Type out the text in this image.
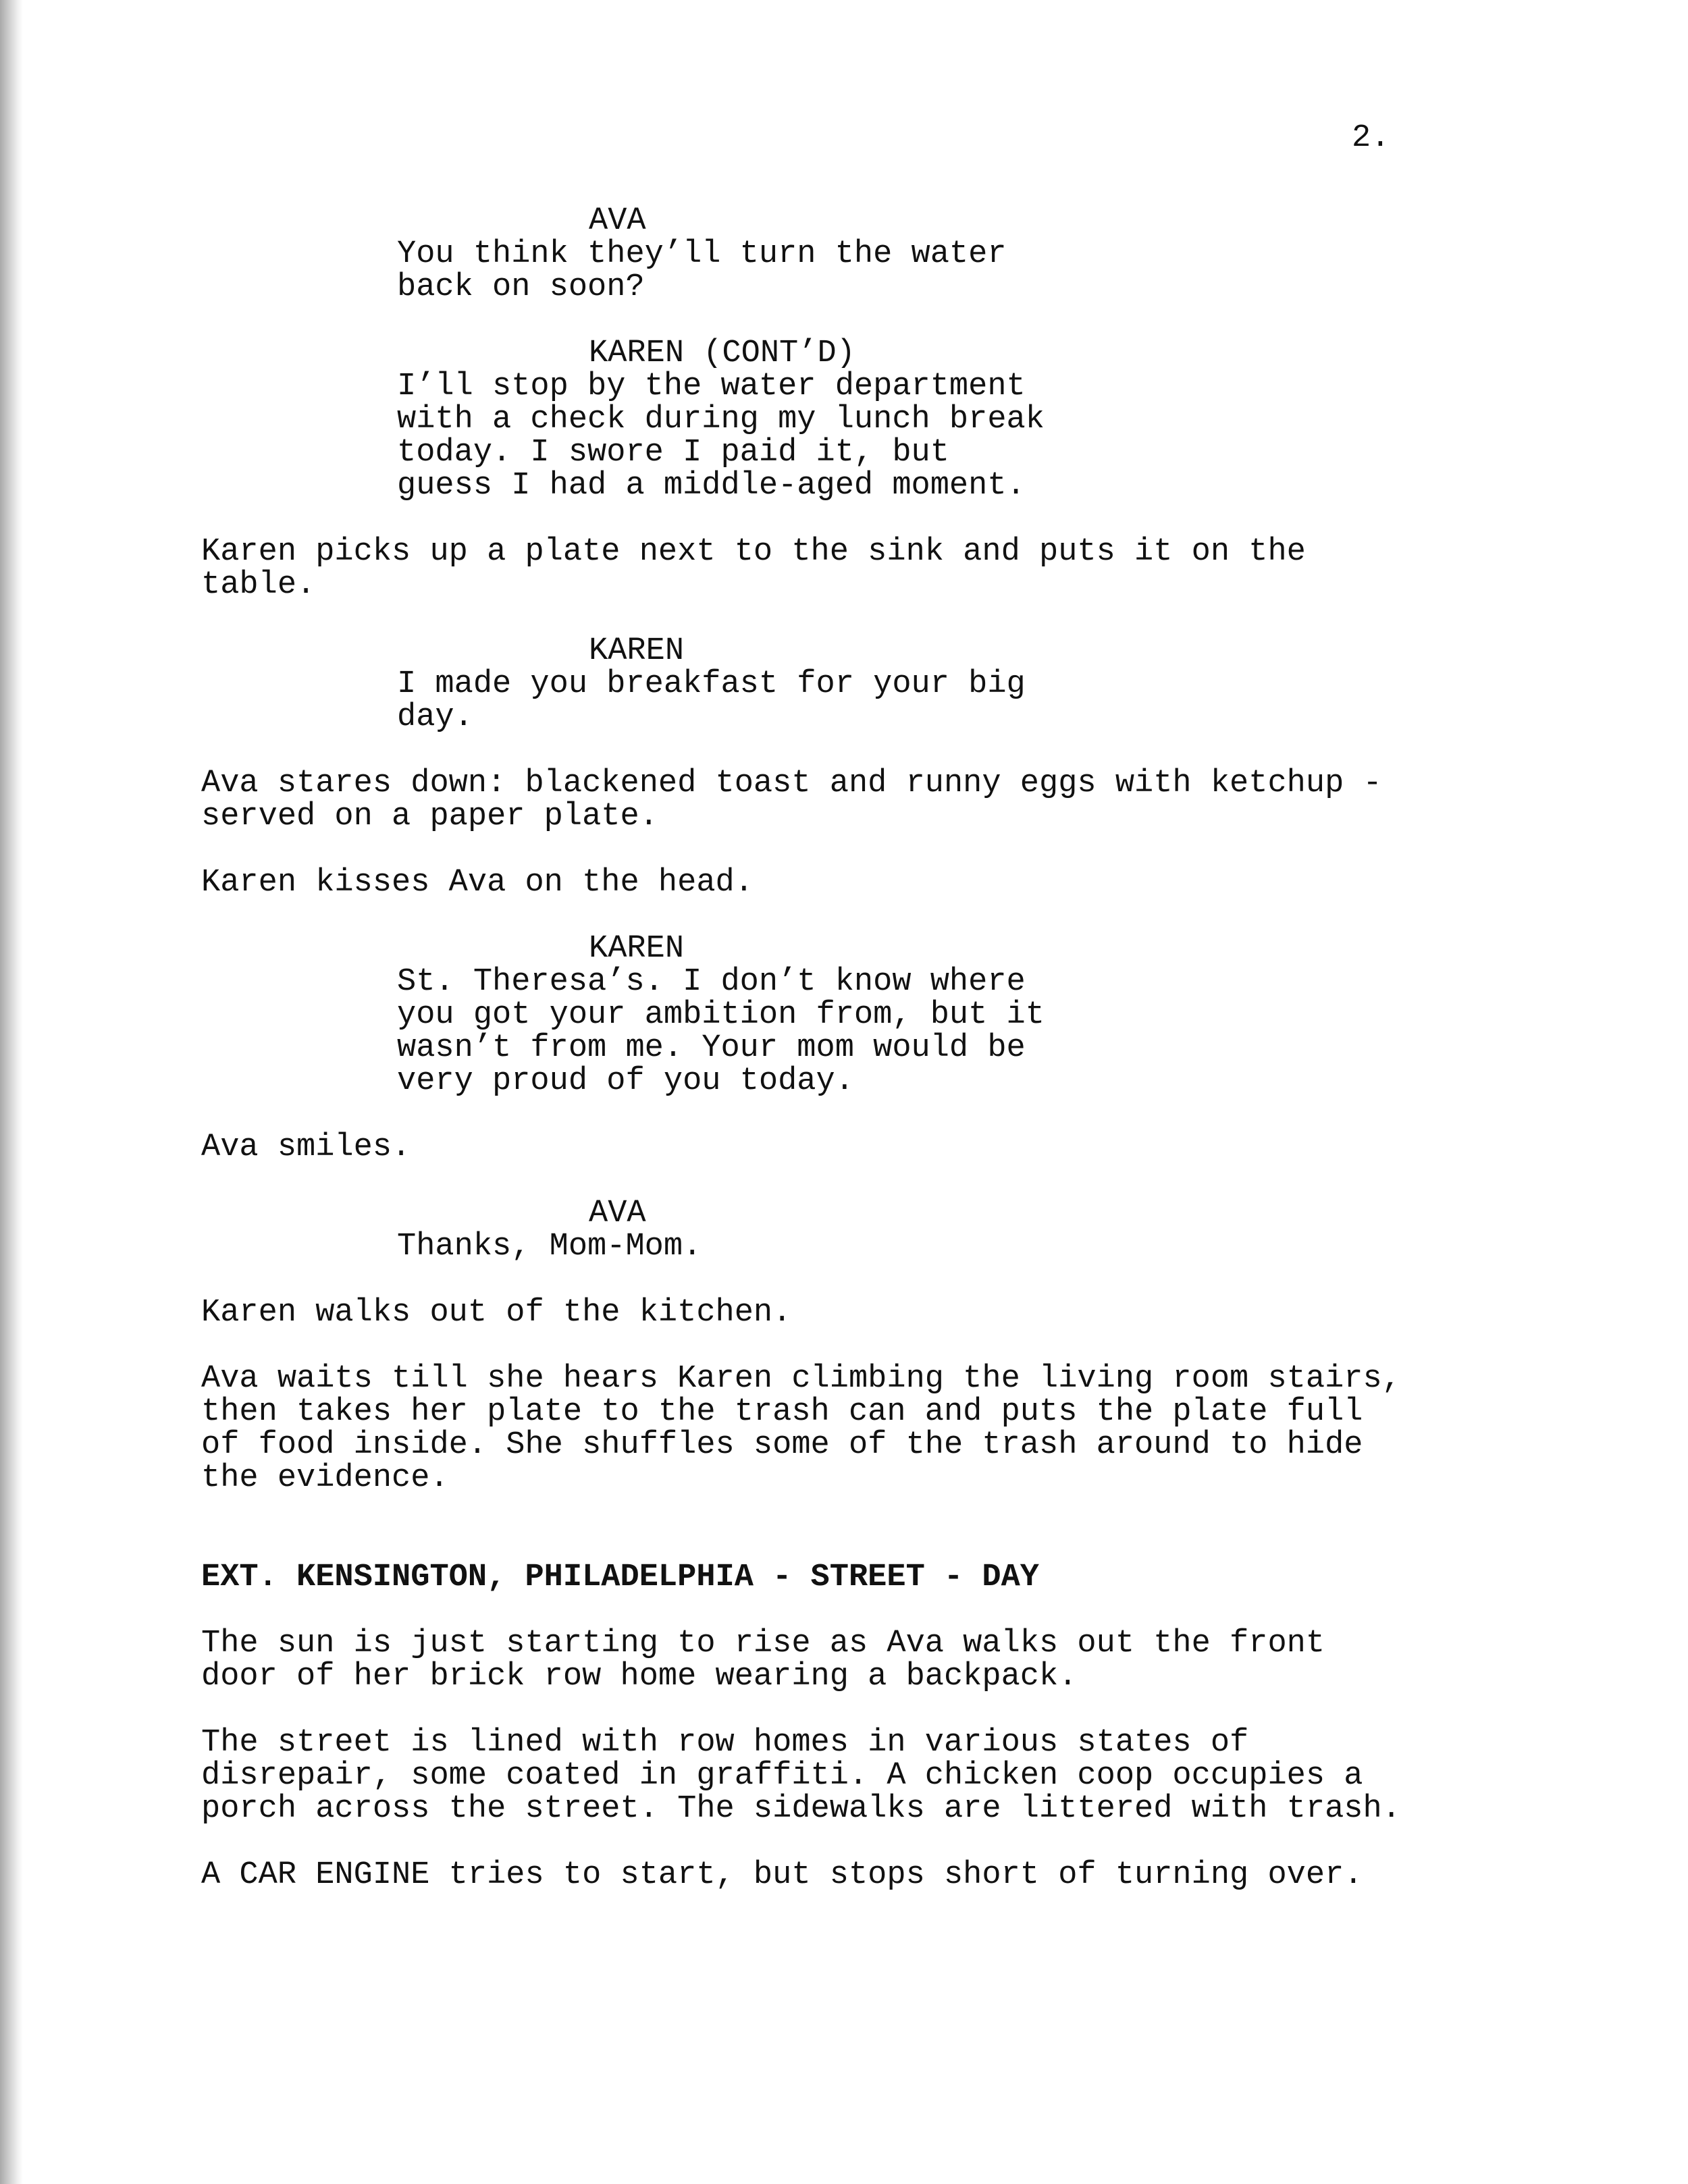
2.
AVA
You think they’ll turn the water
back on soon?
KAREN (CONT’D)
I’ll stop by the water department
with a check during my lunch break
today. I swore I paid it, but
guess I had a middle-aged moment.
Karen picks up a plate next to the sink and puts it on the
table.
KAREN
I made you breakfast for your big
day.
Ava stares down: blackened toast and runny eggs with ketchup -
served on a paper plate.
Karen kisses Ava on the head.
KAREN
St. Theresa’s. I don’t know where
you got your ambition from, but it
wasn’t from me. Your mom would be
very proud of you today.
Ava smiles.
AVA
Thanks, Mom-Mom.
Karen walks out of the kitchen.
Ava waits till she hears Karen climbing the living room stairs,
then takes her plate to the trash can and puts the plate full
of food inside. She shuffles some of the trash around to hide
the evidence.
EXT. KENSINGTON, PHILADELPHIA - STREET - DAY
The sun is just starting to rise as Ava walks out the front
door of her brick row home wearing a backpack.
The street is lined with row homes in various states of
disrepair, some coated in graffiti. A chicken coop occupies a
porch across the street. The sidewalks are littered with trash.
A CAR ENGINE tries to start, but stops short of turning over.
